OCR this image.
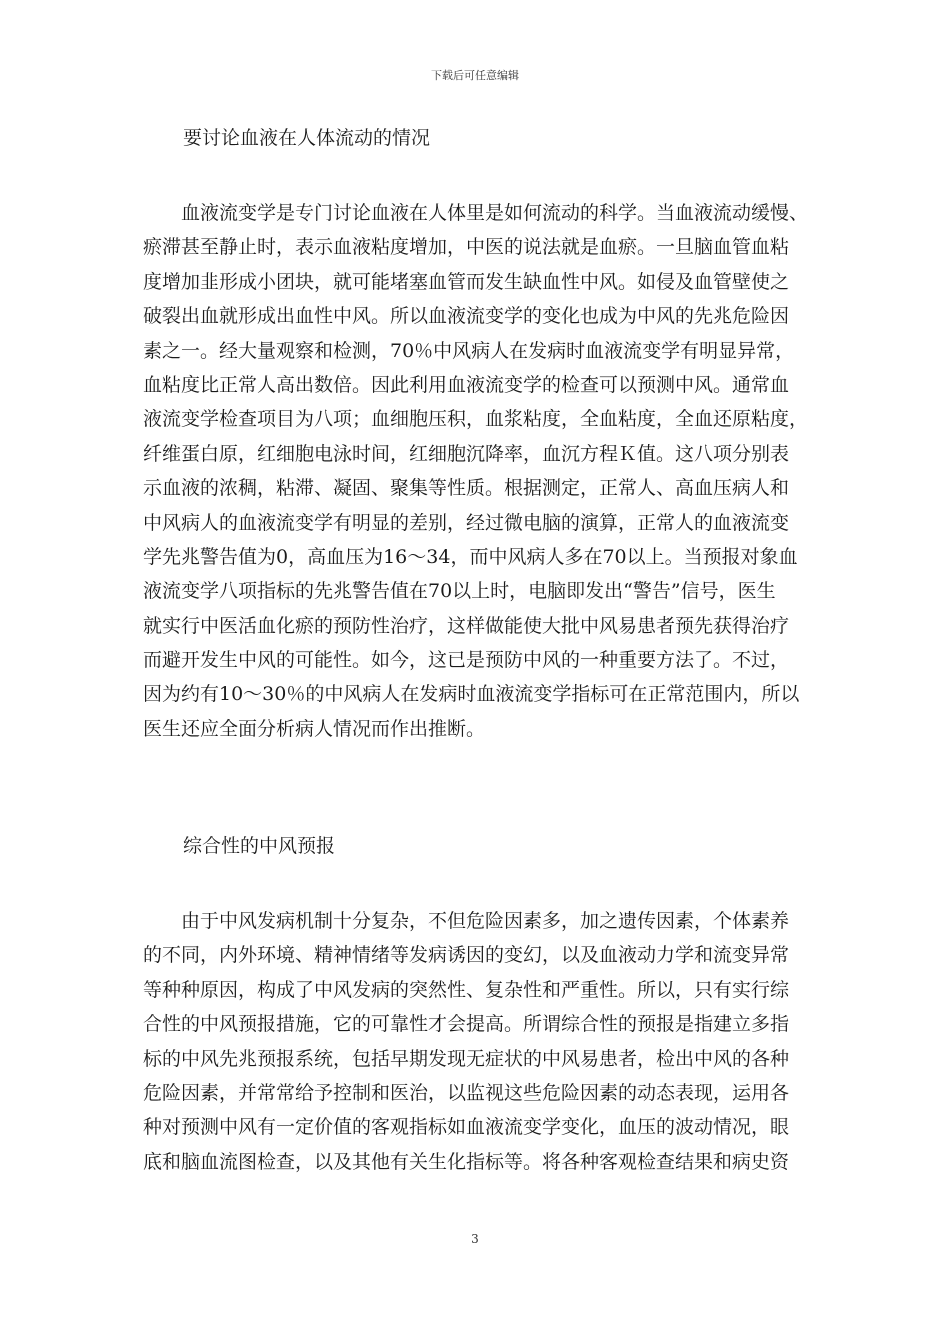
下载后可任意编辑
要讨论血液在人体流动的情况
　　血液流变学是专门讨论血液在人体里是如何流动的科学。当血液流动缓慢、
瘀滞甚至静止时，表示血液粘度增加，中医的说法就是血瘀。一旦脑血管血粘
度增加韭形成小团块，就可能堵塞血管而发生缺血性中风。如侵及血管壁使之
破裂出血就形成出血性中风。所以血液流变学的变化也成为中风的先兆危险因
素之一。经大量观察和检测，70％中风病人在发病时血液流变学有明显异常，
血粘度比正常人高出数倍。因此利用血液流变学的检查可以预测中风。通常血
液流变学检查项目为八项；血细胞压积，血浆粘度，全血粘度，全血还原粘度，
纤维蛋白原，红细胞电泳时间，红细胞沉降率，血沉方程Ｋ值。这八项分别表
示血液的浓稠，粘滞、凝固、聚集等性质。根据测定，正常人、高血压病人和
中风病人的血液流变学有明显的差别，经过微电脑的演算，正常人的血液流变
学先兆警告值为0，高血压为16～34，而中风病人多在70以上。当预报对象血
液流变学八项指标的先兆警告值在70以上时，电脑即发出“警告”信号，医生
就实行中医活血化瘀的预防性治疗，这样做能使大批中风易患者预先获得治疗
而避开发生中风的可能性。如今，这已是预防中风的一种重要方法了。不过，
因为约有10～30％的中风病人在发病时血液流变学指标可在正常范围内，所以
医生还应全面分析病人情况而作出推断。
综合性的中风预报
　　由于中风发病机制十分复杂，不但危险因素多，加之遗传因素，个体素养
的不同，内外环境、精神情绪等发病诱因的变幻，以及血液动力学和流变异常
等种种原因，构成了中风发病的突然性、复杂性和严重性。所以，只有实行综
合性的中风预报措施，它的可靠性才会提高。所谓综合性的预报是指建立多指
标的中风先兆预报系统，包括早期发现无症状的中风易患者，检出中风的各种
危险因素，并常常给予控制和医治，以监视这些危险因素的动态表现，运用各
种对预测中风有一定价值的客观指标如血液流变学变化，血压的波动情况，眼
底和脑血流图检查，以及其他有关生化指标等。将各种客观检查结果和病史资
3
